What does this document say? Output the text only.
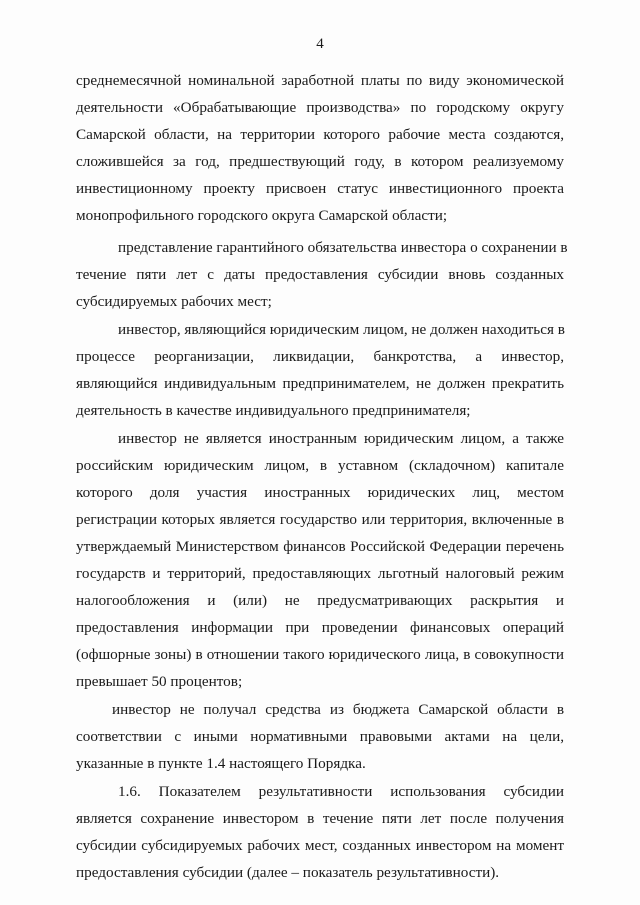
4
среднемесячной номинальной заработной платы по виду экономической
деятельности «Обрабатывающие производства» по городскому округу
Самарской области, на территории которого рабочие места создаются,
сложившейся за год, предшествующий году, в котором реализуемому
инвестиционному проекту присвоен статус инвестиционного проекта
монопрофильного городского округа Самарской области;
представление гарантийного обязательства инвестора о сохранении в
течение пяти лет с даты предоставления субсидии вновь созданных
субсидируемых рабочих мест;
инвестор, являющийся юридическим лицом, не должен находиться в
процессе реорганизации, ликвидации, банкротства, а инвестор,
являющийся индивидуальным предпринимателем, не должен прекратить
деятельность в качестве индивидуального предпринимателя;
инвестор не является иностранным юридическим лицом, а также
российским юридическим лицом, в уставном (складочном) капитале
которого доля участия иностранных юридических лиц, местом
регистрации которых является государство или территория, включенные в
утверждаемый Министерством финансов Российской Федерации перечень
государств и территорий, предоставляющих льготный налоговый режим
налогообложения и (или) не предусматривающих раскрытия и
предоставления информации при проведении финансовых операций
(офшорные зоны) в отношении такого юридического лица, в совокупности
превышает 50 процентов;
инвестор не получал средства из бюджета Самарской области в
соответствии с иными нормативными правовыми актами на цели,
указанные в пункте 1.4 настоящего Порядка.
1.6. Показателем результативности использования субсидии
является сохранение инвестором в течение пяти лет после получения
субсидии субсидируемых рабочих мест, созданных инвестором на момент
предоставления субсидии (далее – показатель результативности).
